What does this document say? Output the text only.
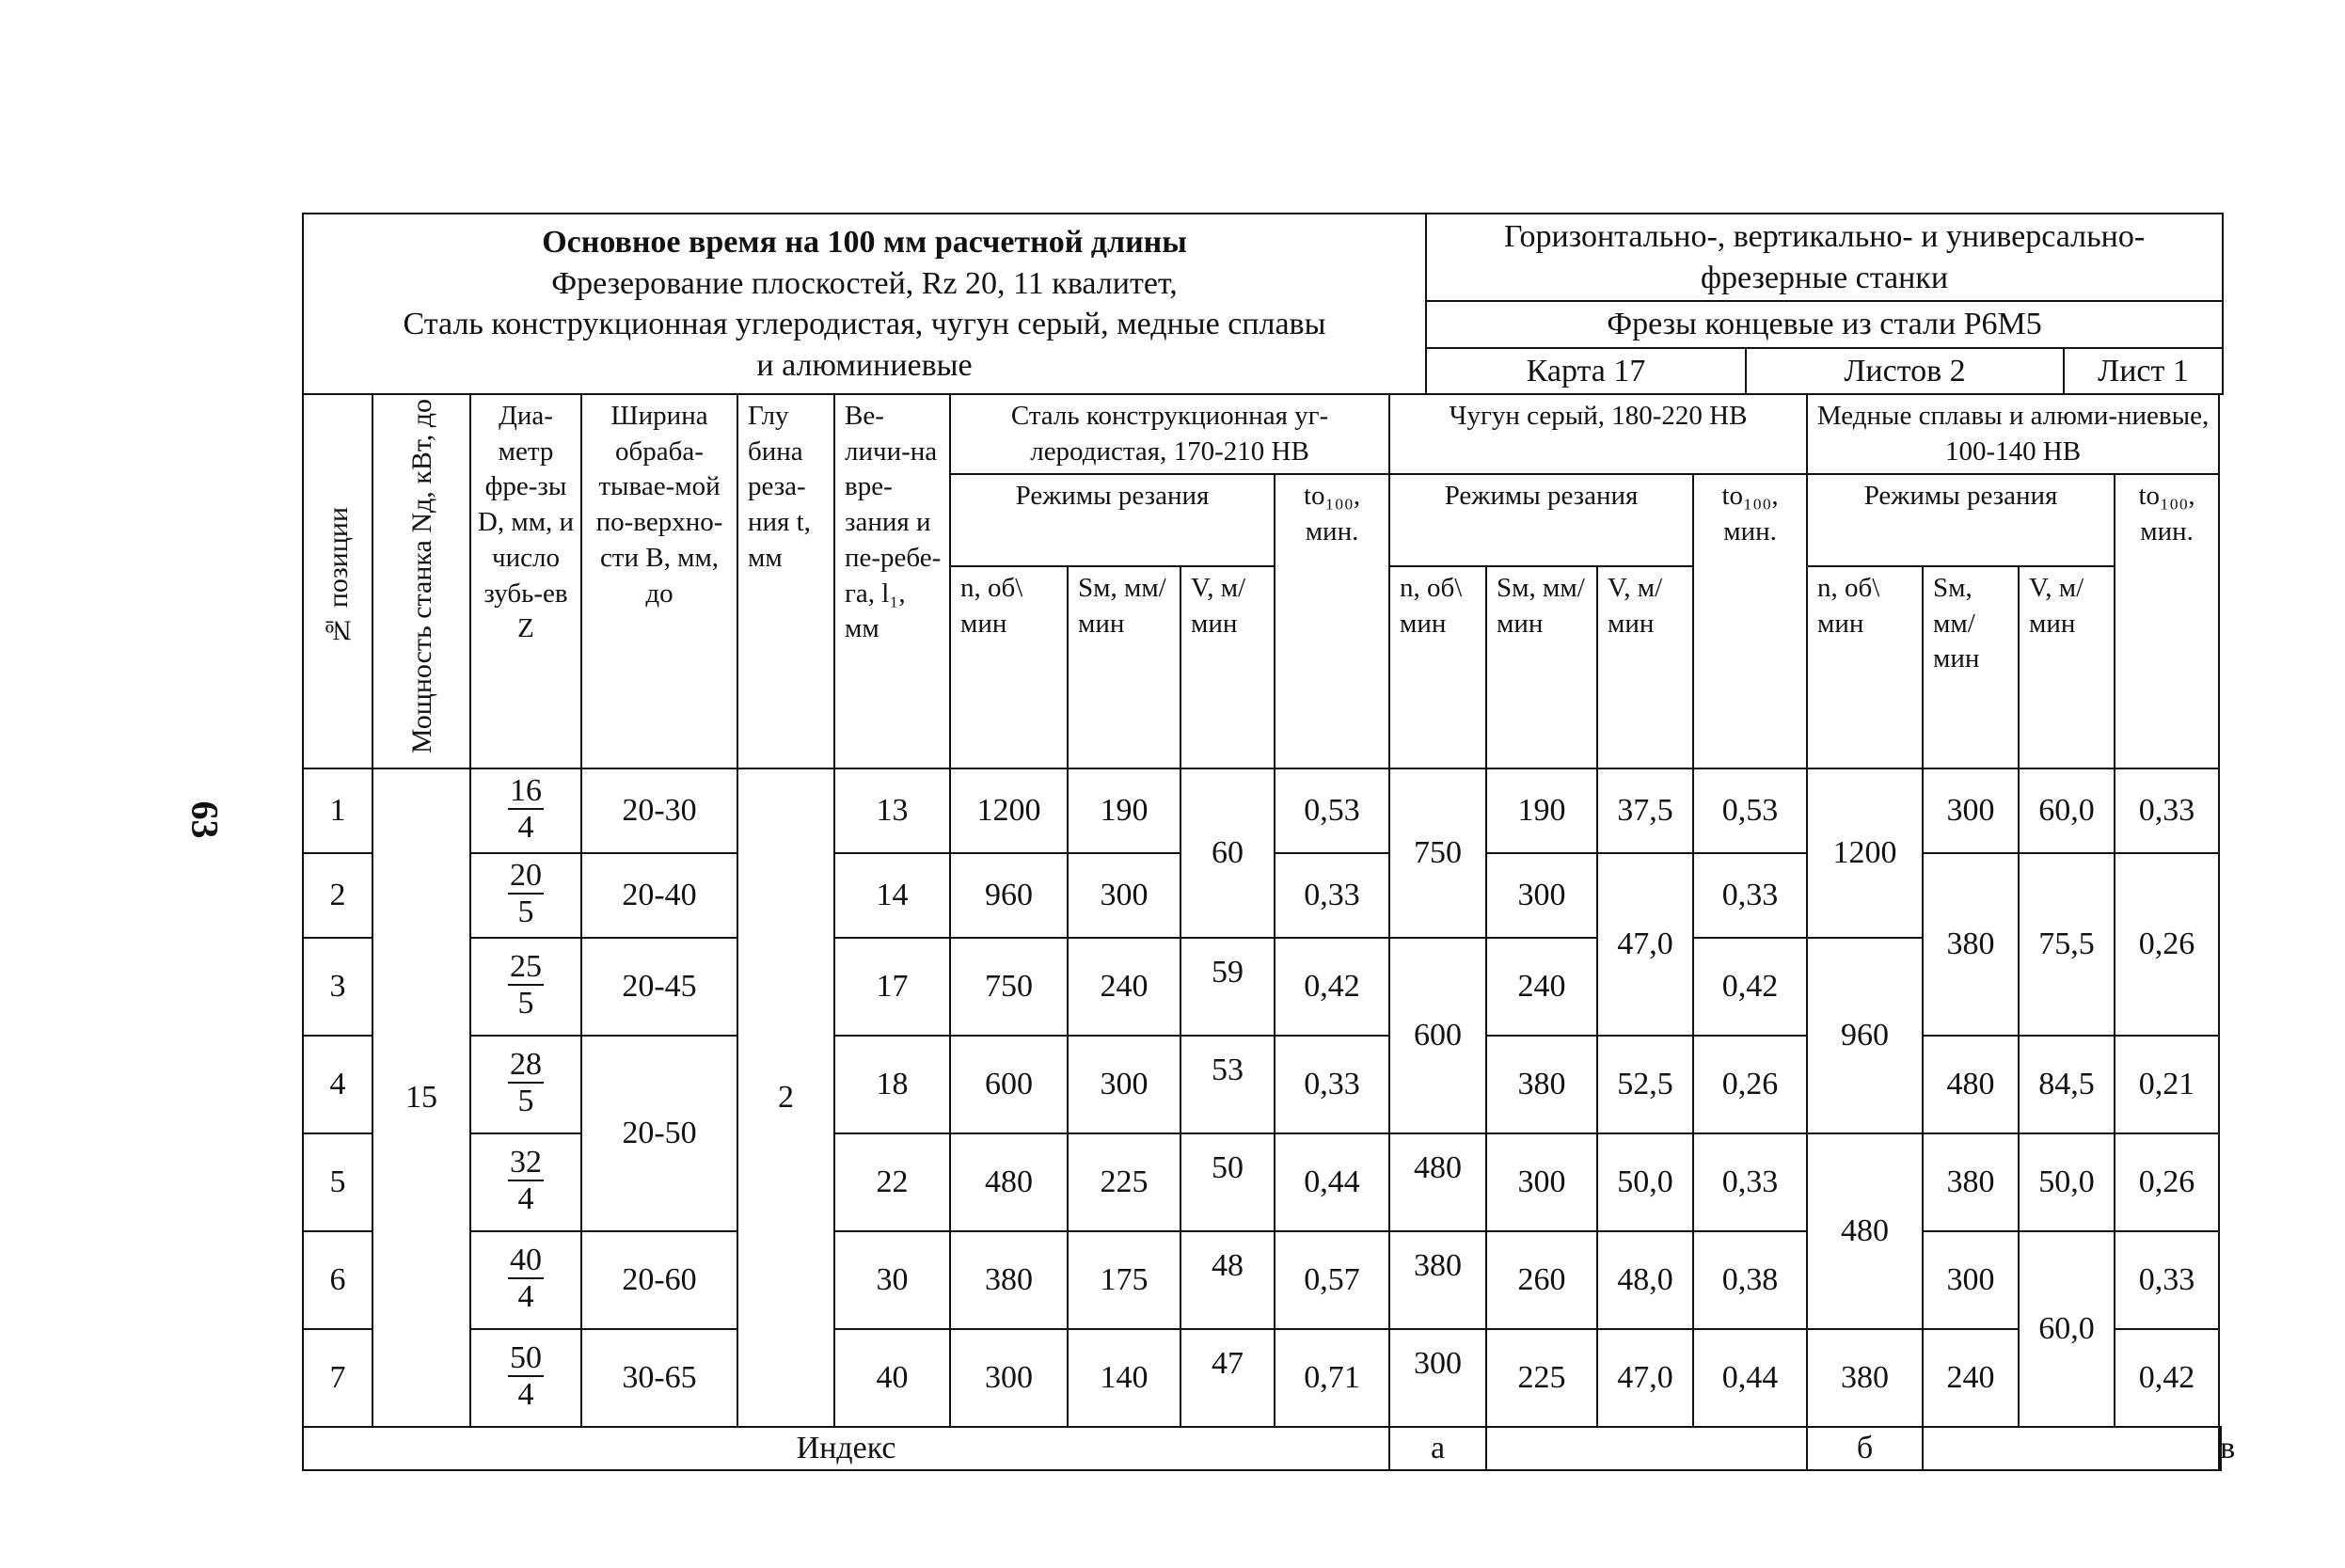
63
Основное время на 100 мм расчетной длины
Фрезерование плоскостей, Rz 20, 11 квалитет,
Сталь конструкционная углеродистая, чугун серый, медные сплавы
и алюминиевые	Горизонтально-, вертикально- и универсально-фрезерные станки		

	Фрезы концевые из стали Р6М5		
	Карта 17	Листов 2	Лист 1
№ позиции	Мощность станка Nд, кВт, до	Диа-метр фре-зы D, мм, и число зубь-ев Z	Ширина обраба-тывае-мой по-верхно-сти B, мм, до	Глу бина реза-ния t, мм	Ве-личи-на вре-зания и пе-ребе-га, l₁, мм	Сталь конструкционная уг-леродистая, 170-210 НВ				Чугун серый, 180-220 НВ				Медные сплавы и алюми-ниевые, 100-140 НВ				
						Режимы резания			to₁₀₀, мин.	Режимы резания			to₁₀₀, мин.	Режимы резания			to₁₀₀, мин.	
						n, об\ мин	Sм, мм/ мин	V, м/ мин		n, об\ мин	Sм, мм/ мин	V, м/ мин		n, об\ мин	Sм, мм/ мин	V, м/ мин		
1	15	$\frac{16}{4}$	20-30	2	13	1200	190	60	0,53	750	190	37,5	0,53	1200	300	60,0	0,33	
2		$\frac{20}{5}$	20-40		14	960	300		0,33		300	47,0	0,33		380	75,5	0,26	
3		$\frac{25}{5}$	20-45		17	750	240	59	0,42	600	240		0,42	960				
4		$\frac{28}{5}$	20-50		18	600	300	53	0,33		380	52,5	0,26		480	84,5	0,21	
5		$\frac{32}{4}$			22	480	225	50	0,44	480	300	50,0	0,33	480	380	50,0	0,26	
6		$\frac{40}{4}$	20-60		30	380	175	48	0,57	380	260	48,0	0,38		300	60,0	0,33	
7		$\frac{50}{4}$	30-65		40	300	140	47	0,71	300	225	47,0	0,44	380	240		0,42	
Индекс										а				б				в
